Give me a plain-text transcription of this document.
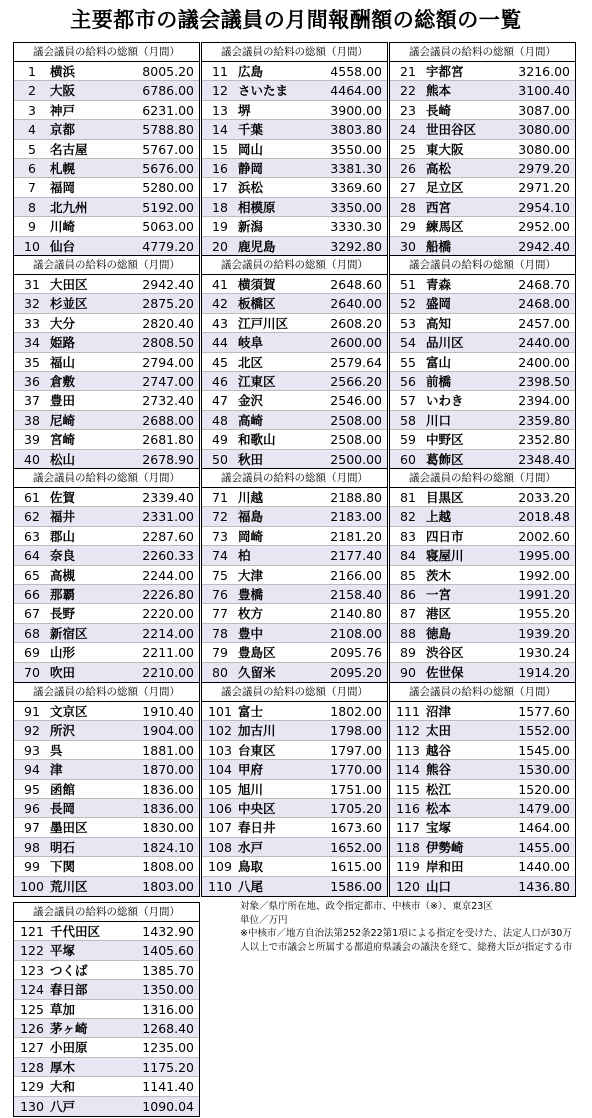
主要都市の議会議員の月間報酬額の総額の一覧
議会議員の給料の総額（月間）
1	横浜	8005.20
2	大阪	6786.00
3	神戸	6231.00
4	京都	5788.80
5	名古屋	5767.00
6	札幌	5676.00
7	福岡	5280.00
8	北九州	5192.00
9	川崎	5063.00
10 仙台	4779.20
議会議員の給料の総額（月間）
11 広島	4558.00
12 さいたま	4464.00
13 堺	3900.00
14 千葉	3803.80
15 岡山	3550.00
16 静岡	3381.30
17 浜松	3369.60
18 相模原	3350.00
19 新潟	3330.30
20 鹿児島	3292.80
議会議員の給料の総額（月間）
21 宇都宮	3216.00
22 熊本	3100.40
23 長崎	3087.00
24 世田谷区	3080.00
25 東大阪	3080.00
26 高松	2979.20
27 足立区	2971.20
28 西宮	2954.10
29 練馬区	2952.00
30 船橋	2942.40
議会議員の給料の総額（月間）
31 大田区	2942.40
32 杉並区	2875.20
33 大分	2820.40
34 姫路	2808.50
35 福山	2794.00
36 倉敷	2747.00
37 豊田	2732.40
38 尼崎	2688.00
39 宮崎	2681.80
40 松山	2678.90
議会議員の給料の総額（月間）
41 横須賀	2648.60
42 板橋区	2640.00
43 江戸川区	2608.20
44 岐阜	2600.00
45 北区	2579.64
46 江東区	2566.20
47 金沢	2546.00
48 高崎	2508.00
49 和歌山	2508.00
50 秋田	2500.00
議会議員の給料の総額（月間）
51 青森	2468.70
52 盛岡	2468.00
53 高知	2457.00
54 品川区	2440.00
55 富山	2400.00
56 前橋	2398.50
57 いわき	2394.00
58 川口	2359.80
59 中野区	2352.80
60 葛飾区	2348.40
議会議員の給料の総額（月間）
61 佐賀	2339.40
62 福井	2331.00
63 郡山	2287.60
64 奈良	2260.33
65 高槻	2244.00
66 那覇	2226.80
67 長野	2220.00
68 新宿区	2214.00
69 山形	2211.00
70 吹田	2210.00
議会議員の給料の総額（月間）
71 川越	2188.80
72 福島	2183.00
73 岡崎	2181.20
74 柏	2177.40
75 大津	2166.00
76 豊橋	2158.40
77 枚方	2140.80
78 豊中	2108.00
79 豊島区	2095.76
80 久留米	2095.20
議会議員の給料の総額（月間）
81 目黒区	2033.20
82 上越	2018.48
83 四日市	2002.60
84 寝屋川	1995.00
85 茨木	1992.00
86 一宮	1991.20
87 港区	1955.20
88 徳島	1939.20
89 渋谷区	1930.24
90 佐世保	1914.20
議会議員の給料の総額（月間）
91 文京区	1910.40
92 所沢	1904.00
93 呉	1881.00
94 津	1870.00
95 函館	1836.00
96 長岡	1836.00
97 墨田区	1830.00
98 明石	1824.10
99 下関	1808.00
100 荒川区	1803.00
議会議員の給料の総額（月間）
101 富士	1802.00
102 加古川	1798.00
103 台東区	1797.00
104 甲府	1770.00
105 旭川	1751.00
106 中央区	1705.20
107 春日井	1673.60
108 水戸	1652.00
109 鳥取	1615.00
110 八尾	1586.00
議会議員の給料の総額（月間）
111 沼津	1577.60
112 太田	1552.00
113 越谷	1545.00
114 熊谷	1530.00
115 松江	1520.00
116 松本	1479.00
117 宝塚	1464.00
118 伊勢崎	1455.00
119 岸和田	1440.00
120 山口	1436.80
議会議員の給料の総額（月間）
121 千代田区	1432.90
122 平塚	1405.60
123 つくば	1385.70
124 春日部	1350.00
125 草加	1316.00
126 茅ヶ崎	1268.40
127 小田原	1235.00
128 厚木	1175.20
129 大和	1141.40
130 八戸	1090.04
対象／県庁所在地、政令指定都市、中核市（※）、東京23区
単位／万円
※中核市／地方自治法第252条22第1項による指定を受けた、法定人口が30万人以上で市議会と所属する都道府県議会の議決を経て、総務大臣が指定する市
